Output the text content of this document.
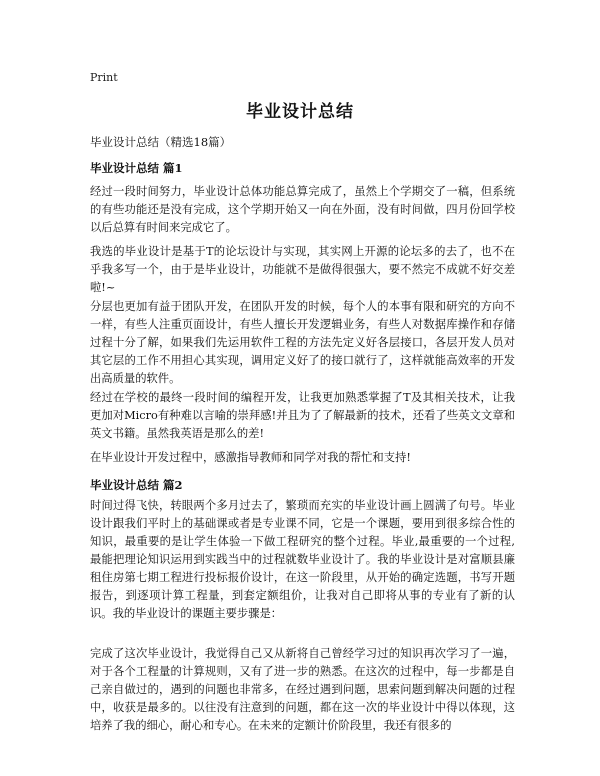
Print
毕业设计总结
毕业设计总结（精选18篇）
毕业设计总结 篇1
经过一段时间努力，毕业设计总体功能总算完成了，虽然上个学期交了一稿，但系统的有些功能还是没有完成，这个学期开始又一向在外面，没有时间做，四月份回学校以后总算有时间来完成它了。
我选的毕业设计是基于T的论坛设计与实现，其实网上开源的论坛多的去了，也不在乎我多写一个，由于是毕业设计，功能就不是做得很强大，要不然完不成就不好交差啦!~
分层也更加有益于团队开发，在团队开发的时候，每个人的本事有限和研究的方向不一样，有些人注重页面设计，有些人擅长开发逻辑业务，有些人对数据库操作和存储过程十分了解，如果我们先运用软件工程的方法先定义好各层接口，各层开发人员对其它层的工作不用担心其实现，调用定义好了的接口就行了，这样就能高效率的开发出高质量的软件。
经过在学校的最终一段时间的编程开发，让我更加熟悉掌握了T及其相关技术，让我更加对Micro有种难以言喻的崇拜感!并且为了了解最新的技术，还看了些英文文章和英文书籍。虽然我英语是那么的差!
在毕业设计开发过程中，感激指导教师和同学对我的帮忙和支持!
毕业设计总结 篇2
时间过得飞快，转眼两个多月过去了，繁琐而充实的毕业设计画上圆满了句号。毕业设计跟我们平时上的基础课或者是专业课不同，它是一个课题，要用到很多综合性的知识，最重要的是让学生体验一下做工程研究的整个过程。毕业,最重要的一个过程,最能把理论知识运用到实践当中的过程就数毕业设计了。我的毕业设计是对富顺县廉租住房第七期工程进行投标报价设计，在这一阶段里，从开始的确定选题，书写开题报告，到逐项计算工程量，到套定额组价，让我对自己即将从事的专业有了新的认识。我的毕业设计的课题主要步骤是：
完成了这次毕业设计，我觉得自己又从新将自己曾经学习过的知识再次学习了一遍，对于各个工程量的计算规则，又有了进一步的熟悉。在这次的过程中，每一步都是自己亲自做过的，遇到的问题也非常多，在经过遇到问题，思索问题到解决问题的过程中，收获是最多的。以往没有注意到的问题，都在这一次的毕业设计中得以体现，这培养了我的细心，耐心和专心。在未来的定额计价阶段里，我还有很多的
